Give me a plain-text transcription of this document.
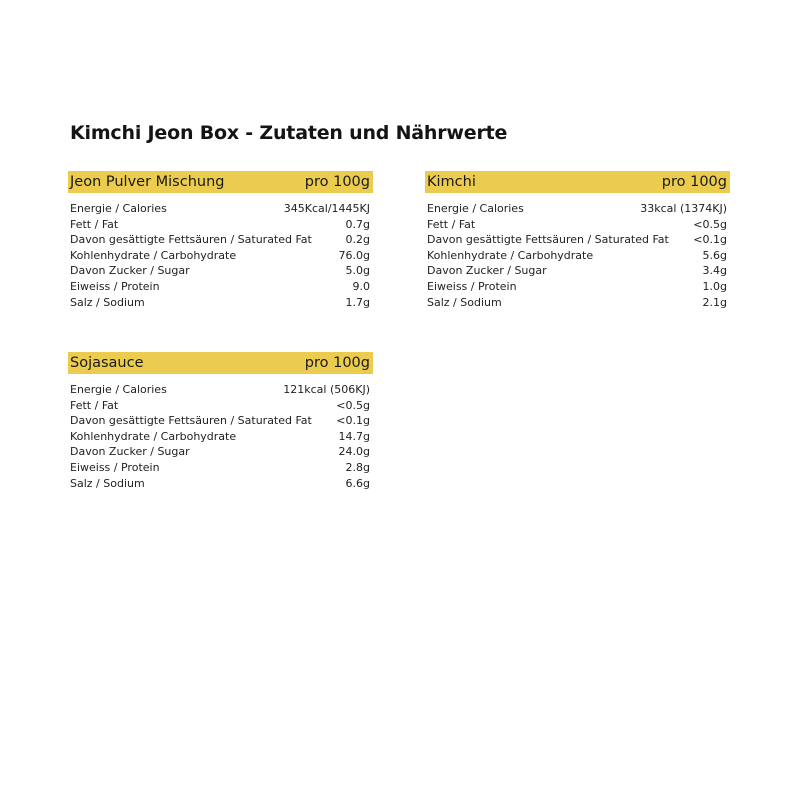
Kimchi Jeon Box - Zutaten und Nährwerte
Jeon Pulver Mischung	pro 100g
Energie / Calories	345Kcal/1445KJ
Fett / Fat	0.7g
Davon gesättigte Fettsäuren / Saturated Fat	0.2g
Kohlenhydrate / Carbohydrate	76.0g
Davon Zucker / Sugar	5.0g
Eiweiss / Protein	9.0
Salz / Sodium	1.7g
Kimchi	pro 100g
Energie / Calories	33kcal (1374KJ)
Fett / Fat	<0.5g
Davon gesättigte Fettsäuren / Saturated Fat <0.1g
Kohlenhydrate / Carbohydrate	5.6g
Davon Zucker / Sugar	3.4g
Eiweiss / Protein	1.0g
Salz / Sodium	2.1g
Sojasauce	pro 100g
Energie / Calories	121kcal (506KJ)
Fett / Fat	<0.5g
Davon gesättigte Fettsäuren / Saturated Fat <0.1g
Kohlenhydrate / Carbohydrate	14.7g
Davon Zucker / Sugar	24.0g
Eiweiss / Protein	2.8g
Salz / Sodium	6.6g
